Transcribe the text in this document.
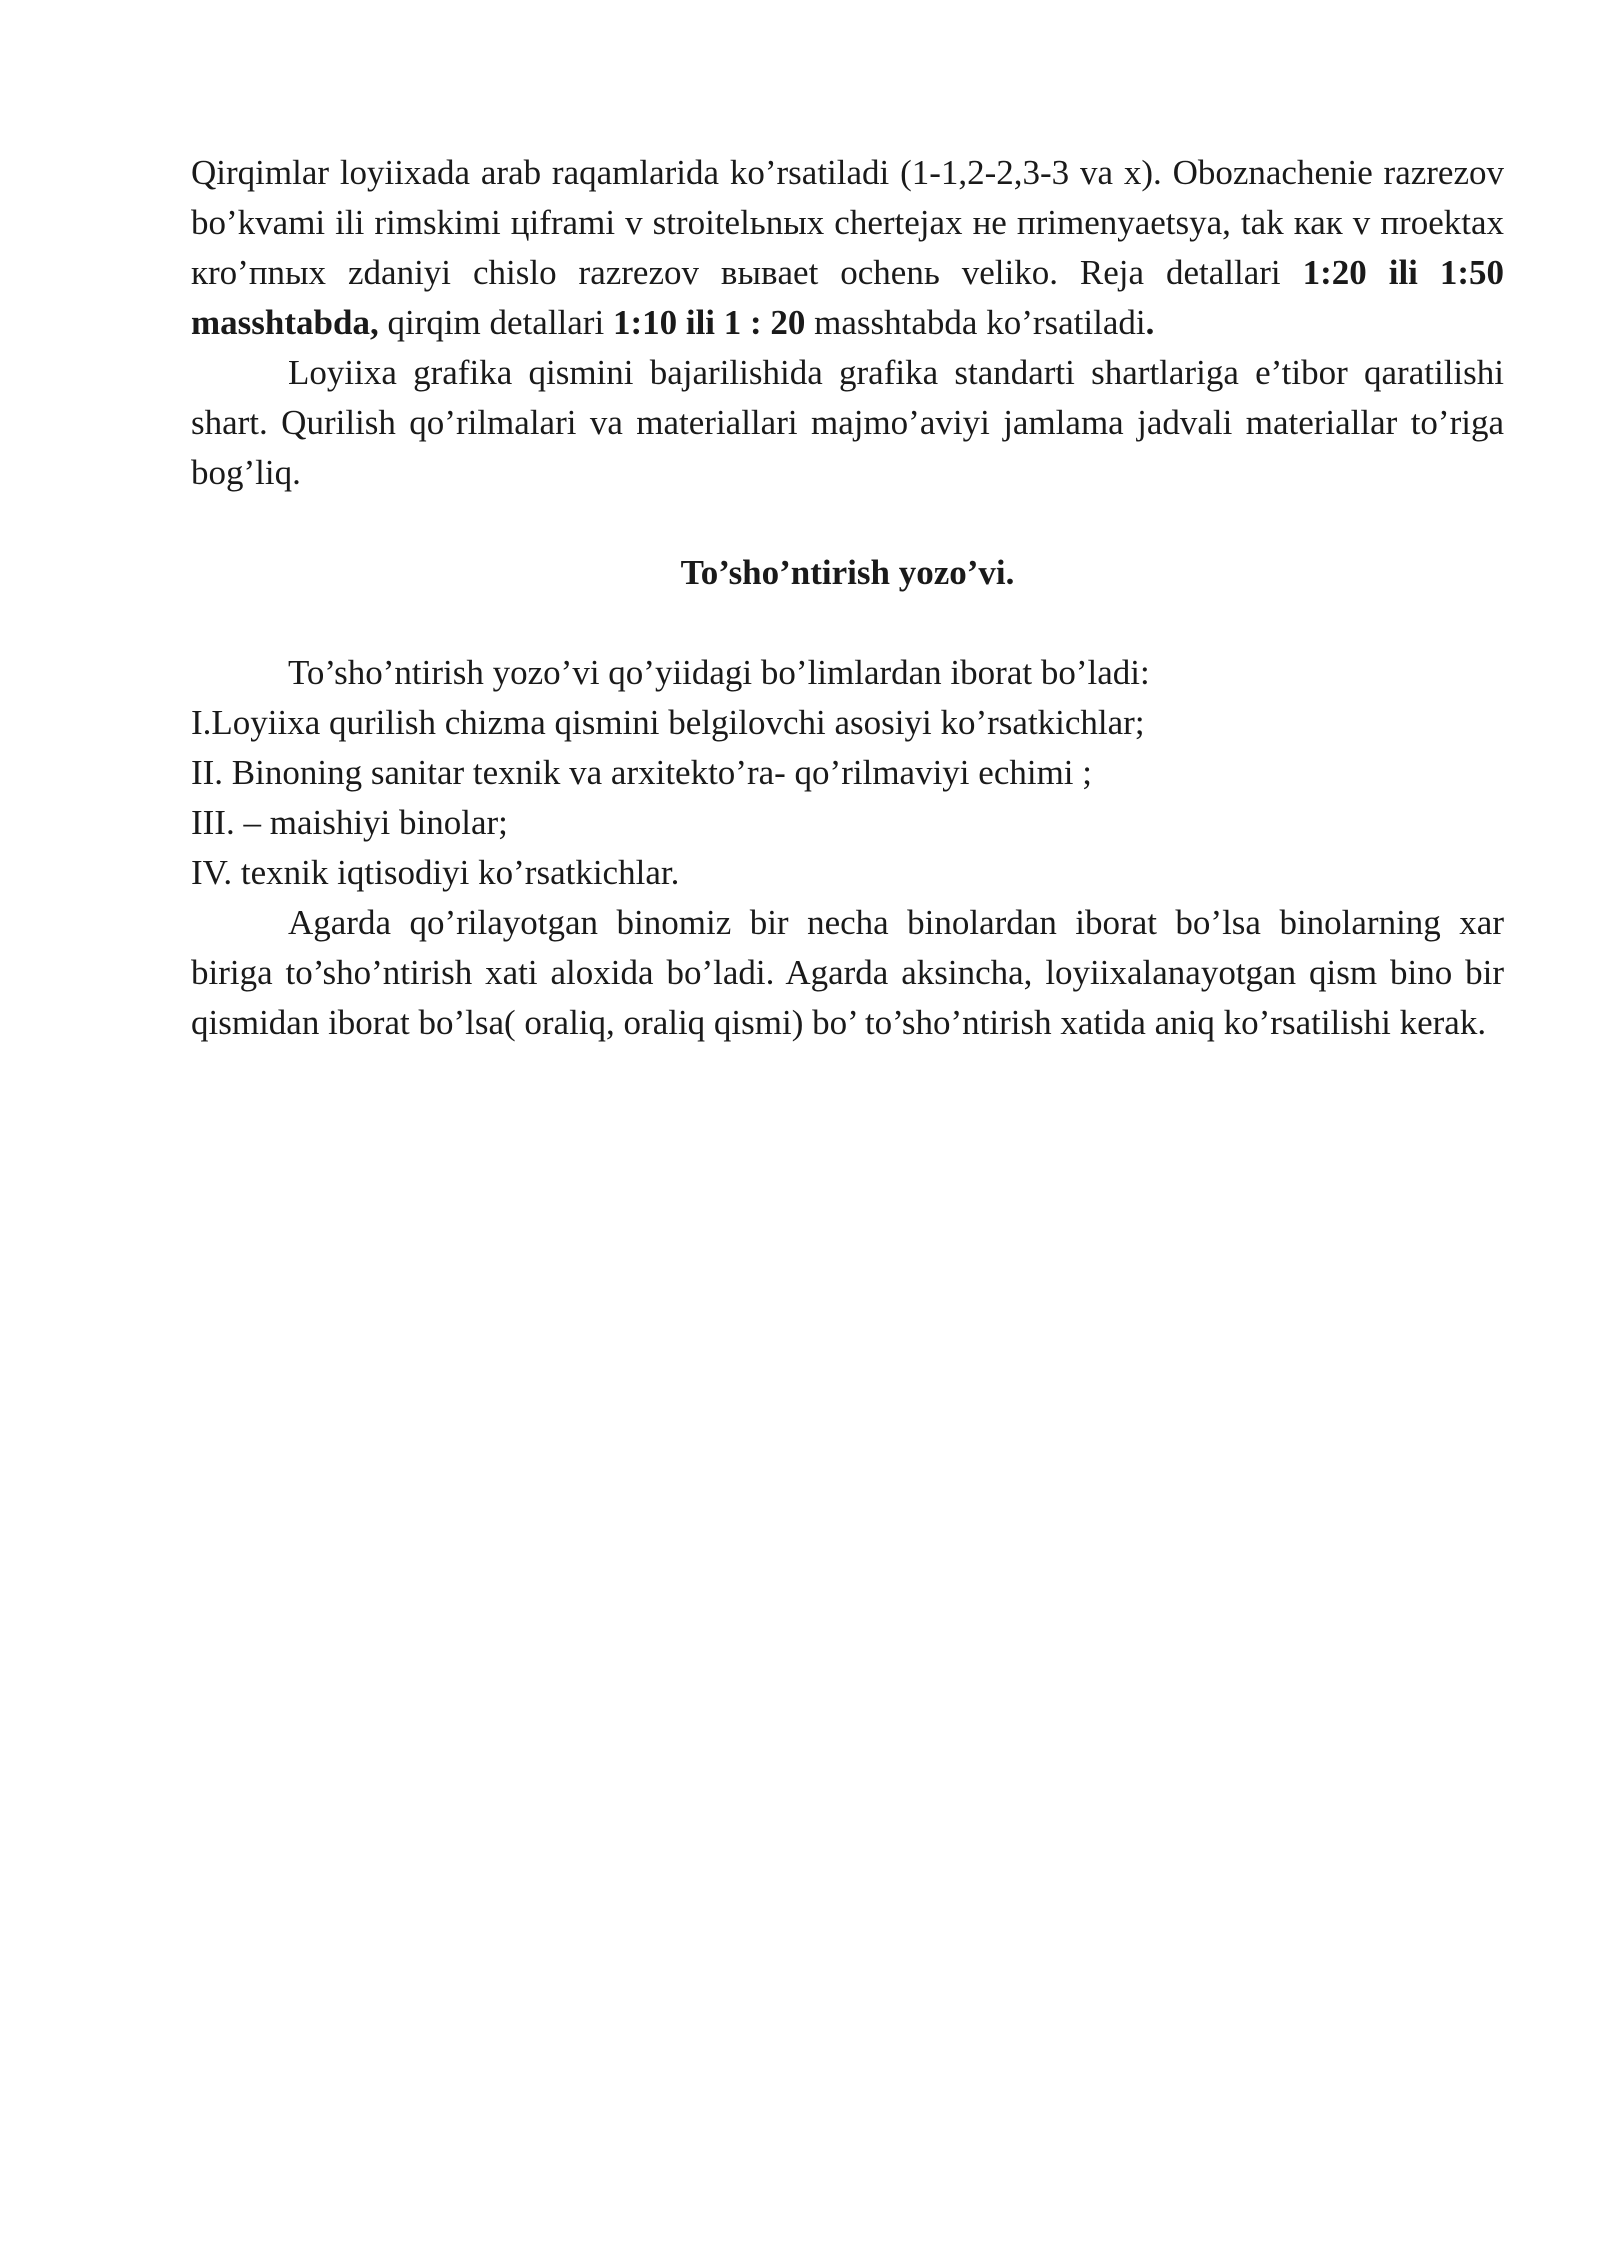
Qirqimlar loyiixada arab raqamlarida ko’rsatiladi (1-1,2-2,3-3 va x). Oboznachenie razrezov bo’kvami ili rimskimi цiframi v stroitelьnых chertejax не пrimenyaetsya, tak как v пroektах кro’пnых zdaniyi chislo razrezov вывaet оchenь veliko. Reja detallari 1:20 ili 1:50 masshtabda, qirqim detallari 1:10 ili 1 : 20 masshtabda ko’rsatiladi.

Loyiixa grafika qismini bajarilishida grafika standarti shartlariga e’tibor qaratilishi shart. Qurilish qo’rilmalari va materiallari majmo’aviyi jamlama jadvali materiallar to’riga bog’liq.

To’sho’ntirish yozo’vi.

To’sho’ntirish yozo’vi qo’yiidagi bo’limlardan iborat bo’ladi:

I.Loyiixa qurilish chizma qismini belgilovchi asosiyi ko’rsatkichlar;

II. Binoning sanitar texnik va arxitekto’ra- qo’rilmaviyi echimi ;

III. – maishiyi binolar;

IV. texnik iqtisodiyi ko’rsatkichlar.

Agarda qo’rilayotgan binomiz bir necha binolardan iborat bo’lsa binolarning xar biriga to’sho’ntirish xati aloxida bo’ladi. Agarda aksincha, loyiixalanayotgan qism bino bir qismidan iborat bo’lsa( oraliq, oraliq qismi) bo’ to’sho’ntirish xatida aniq ko’rsatilishi kerak.
